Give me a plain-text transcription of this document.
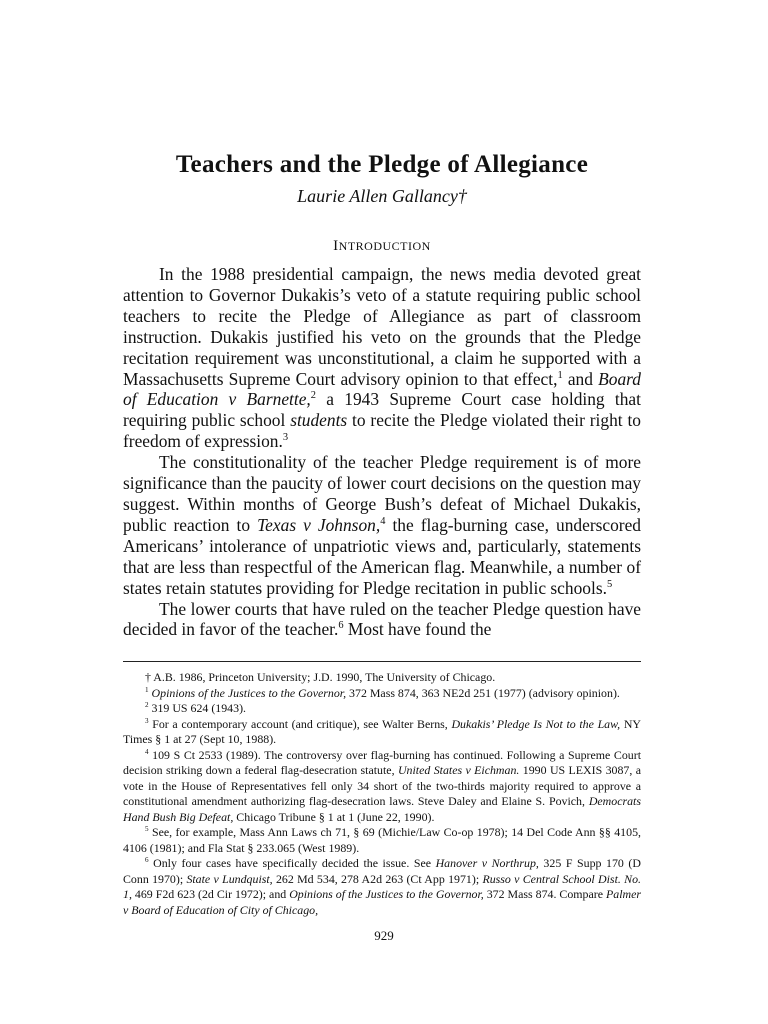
Teachers and the Pledge of Allegiance
Laurie Allen Gallancy†
INTRODUCTION

In the 1988 presidential campaign, the news media devoted great attention to Governor Dukakis’s veto of a statute requiring public school teachers to recite the Pledge of Allegiance as part of classroom instruction. Dukakis justified his veto on the grounds that the Pledge recitation requirement was unconstitutional, a claim he supported with a Massachusetts Supreme Court advisory opinion to that effect,$^1$ and Board of Education v Barnette,$^2$ a 1943 Supreme Court case holding that requiring public school students to recite the Pledge violated their right to freedom of expression.$^3$

The constitutionality of the teacher Pledge requirement is of more significance than the paucity of lower court decisions on the question may suggest. Within months of George Bush’s defeat of Michael Dukakis, public reaction to Texas v Johnson,$^4$ the flag-burning case, underscored Americans’ intolerance of unpatriotic views and, particularly, statements that are less than respectful of the American flag. Meanwhile, a number of states retain statutes providing for Pledge recitation in public schools.$^5$

The lower courts that have ruled on the teacher Pledge question have decided in favor of the teacher.$^6$ Most have found the

† A.B. 1986, Princeton University; J.D. 1990, The University of Chicago.

$^1$ Opinions of the Justices to the Governor, 372 Mass 874, 363 NE2d 251 (1977) (advisory opinion).

$^2$ 319 US 624 (1943).

$^3$ For a contemporary account (and critique), see Walter Berns, Dukakis’ Pledge Is Not to the Law, NY Times § 1 at 27 (Sept 10, 1988).

$^4$ 109 S Ct 2533 (1989). The controversy over flag-burning has continued. Following a Supreme Court decision striking down a federal flag-desecration statute, United States v Eichman. 1990 US LEXIS 3087, a vote in the House of Representatives fell only 34 short of the two-thirds majority required to approve a constitutional amendment authorizing flag-desecration laws. Steve Daley and Elaine S. Povich, Democrats Hand Bush Big Defeat, Chicago Tribune § 1 at 1 (June 22, 1990).

$^5$ See, for example, Mass Ann Laws ch 71, § 69 (Michie/Law Co-op 1978); 14 Del Code Ann §§ 4105, 4106 (1981); and Fla Stat § 233.065 (West 1989).

$^6$ Only four cases have specifically decided the issue. See Hanover v Northrup, 325 F Supp 170 (D Conn 1970); State v Lundquist, 262 Md 534, 278 A2d 263 (Ct App 1971); Russo v Central School Dist. No. 1, 469 F2d 623 (2d Cir 1972); and Opinions of the Justices to the Governor, 372 Mass 874. Compare Palmer v Board of Education of City of Chicago,

929
